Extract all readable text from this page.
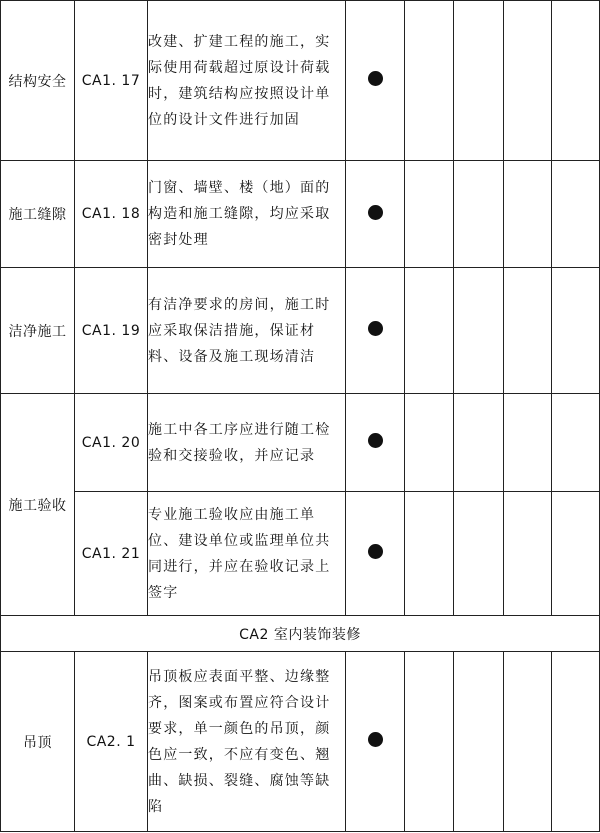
结构安全	CA1. 17	改建、扩建工程的施工，实际使用荷载超过原设计荷载时，建筑结构应按照设计单位的设计文件进行加固					
施工缝隙	CA1. 18	门窗、墙壁、楼（地）面的构造和施工缝隙，均应采取密封处理					
洁净施工	CA1. 19	有洁净要求的房间，施工时应采取保洁措施，保证材料、设备及施工现场清洁					
施工验收	CA1. 20	施工中各工序应进行随工检验和交接验收，并应记录					
	CA1. 21	专业施工验收应由施工单位、建设单位或监理单位共同进行，并应在验收记录上签字					
CA2 室内装饰装修							
吊顶	CA2. 1	吊顶板应表面平整、边缘整齐，图案或布置应符合设计要求，单一颜色的吊顶，颜色应一致，不应有变色、翘曲、缺损、裂缝、腐蚀等缺陷					
